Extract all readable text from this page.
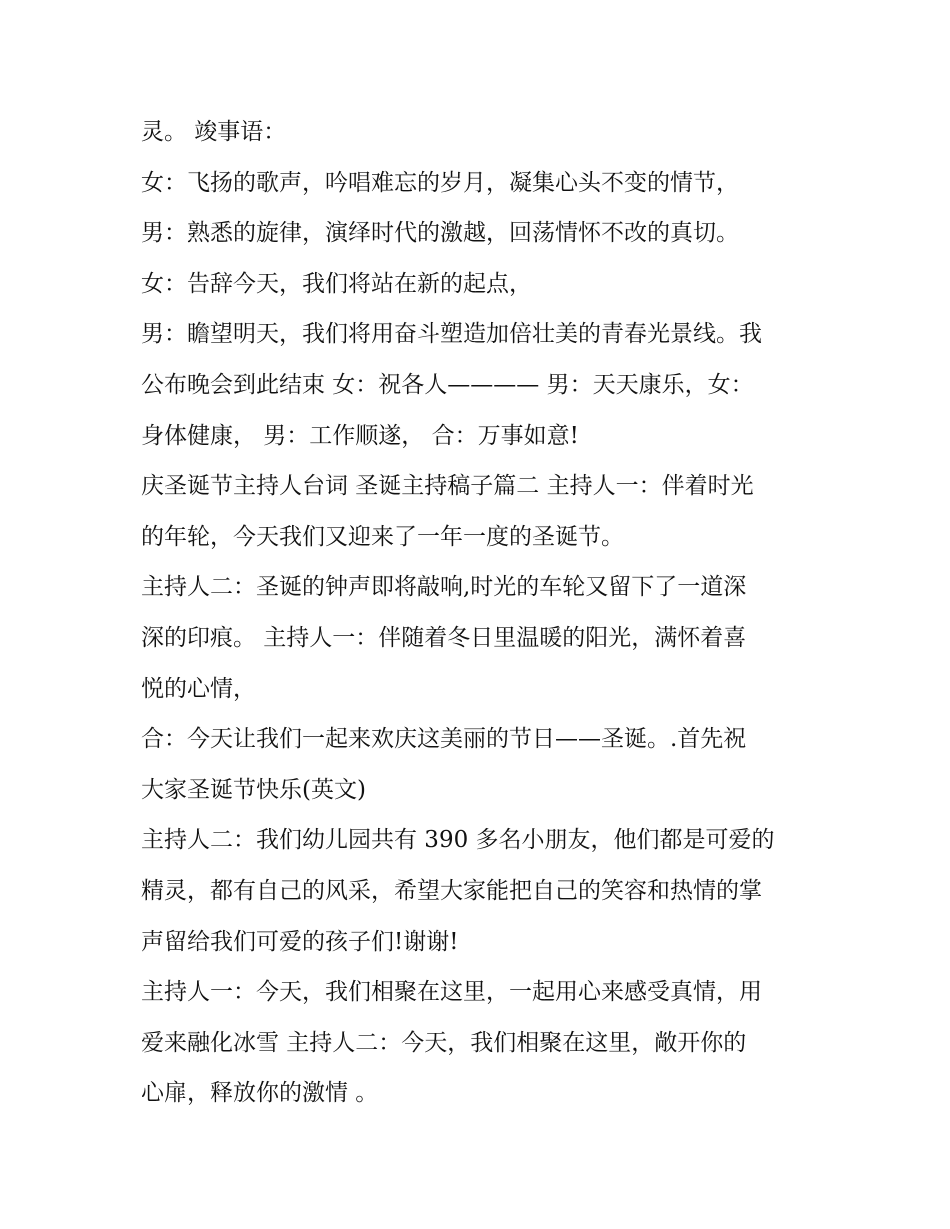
灵。 竣事语：
女：飞扬的歌声，吟唱难忘的岁月，凝集心头不变的情节，
男：熟悉的旋律，演绎时代的激越，回荡情怀不改的真切。
女：告辞今天，我们将站在新的起点，
男：瞻望明天，我们将用奋斗塑造加倍壮美的青春光景线。我
公布晚会到此结束 女：祝各人———— 男：天天康乐，女：
身体健康， 男：工作顺遂， 合：万事如意!
庆圣诞节主持人台词 圣诞主持稿子篇二 主持人一：伴着时光
的年轮，今天我们又迎来了一年一度的圣诞节。
主持人二：圣诞的钟声即将敲响,时光的车轮又留下了一道深
深的印痕。 主持人一：伴随着冬日里温暖的阳光，满怀着喜
悦的心情，
合：今天让我们一起来欢庆这美丽的节日——圣诞。.首先祝
大家圣诞节快乐(英文)
主持人二：我们幼儿园共有 390 多名小朋友，他们都是可爱的
精灵，都有自己的风采，希望大家能把自己的笑容和热情的掌
声留给我们可爱的孩子们!谢谢!
主持人一：今天，我们相聚在这里，一起用心来感受真情，用
爱来融化冰雪 主持人二：今天，我们相聚在这里，敞开你的
心扉，释放你的激情 。
